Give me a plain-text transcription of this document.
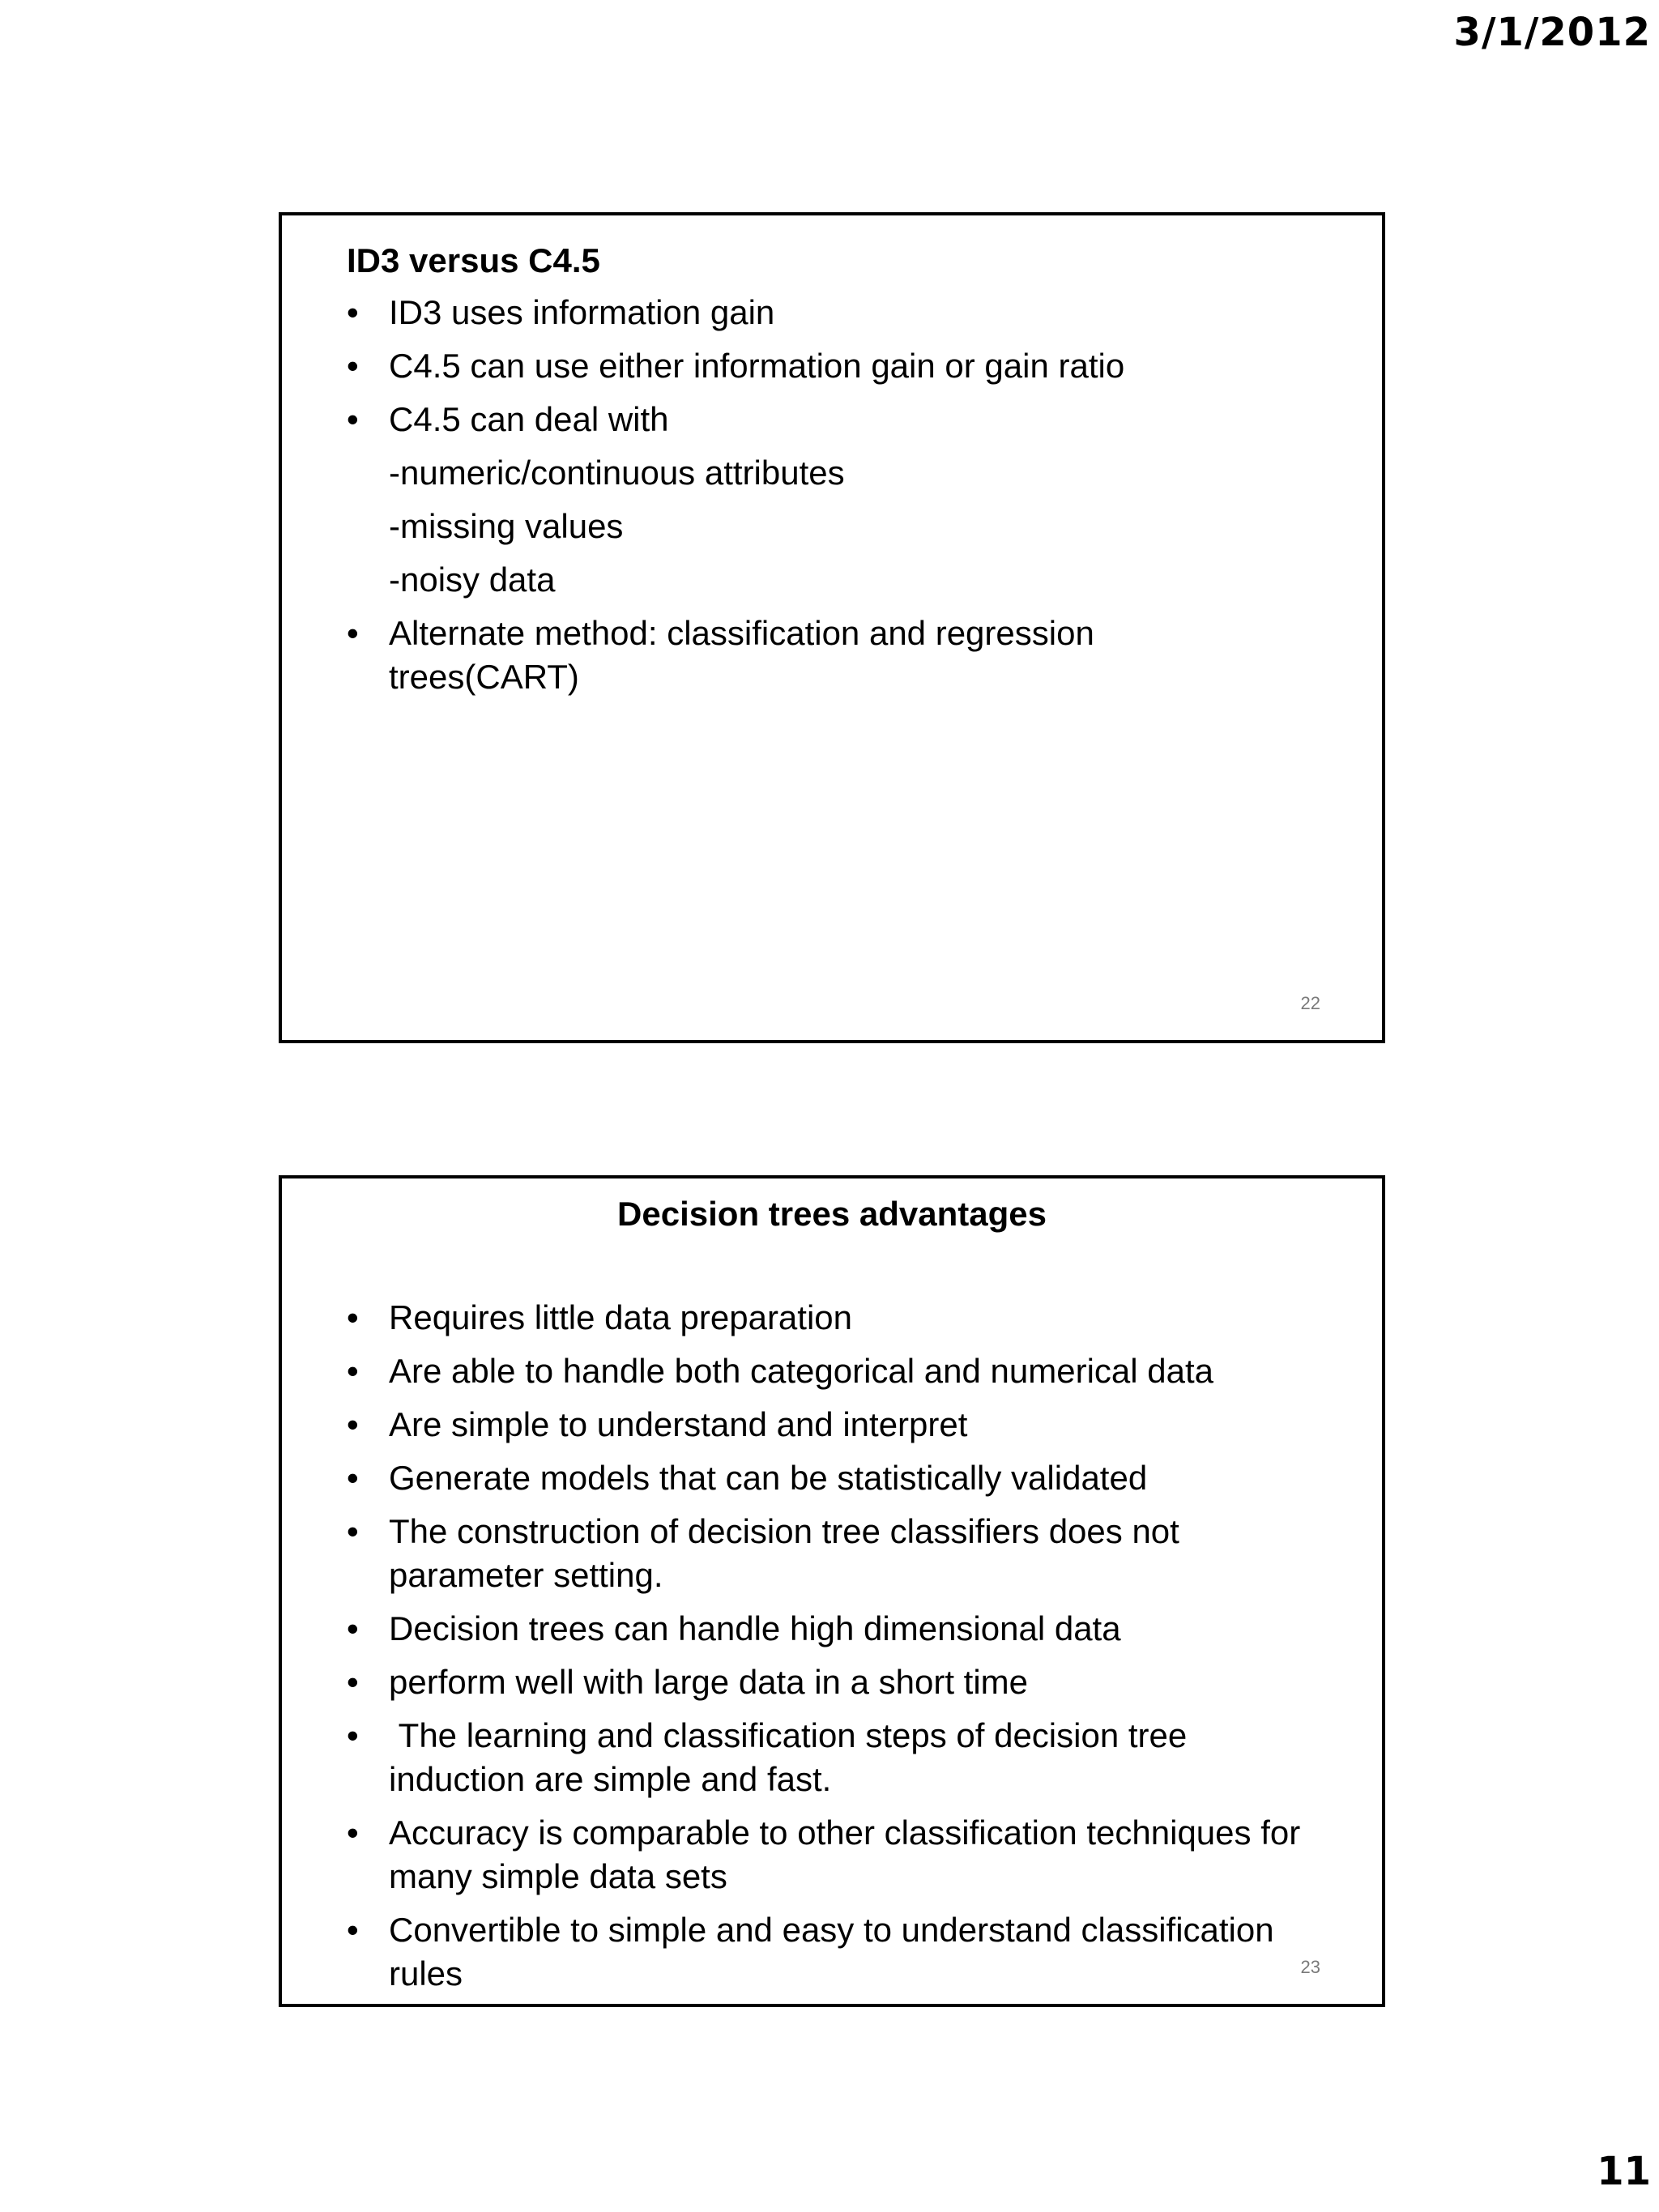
3/1/2012

ID3 versus C4.5

• ID3 uses information gain
• C4.5 can use either information gain or gain ratio
• C4.5 can deal with
-numeric/continuous attributes
-missing values
-noisy data
• Alternate method: classification and regression trees(CART)

22

Decision trees advantages

• Requires little data preparation
• Are able to handle both categorical and numerical data
• Are simple to understand and interpret
• Generate models that can be statistically validated
• The construction of decision tree classifiers does not parameter setting.
• Decision trees can handle high dimensional data
• perform well with large data in a short time
•  The learning and classification steps of decision tree induction are simple and fast.
• Accuracy is comparable to other classification techniques for many simple data sets
• Convertible to simple and easy to understand classification rules	23

11
